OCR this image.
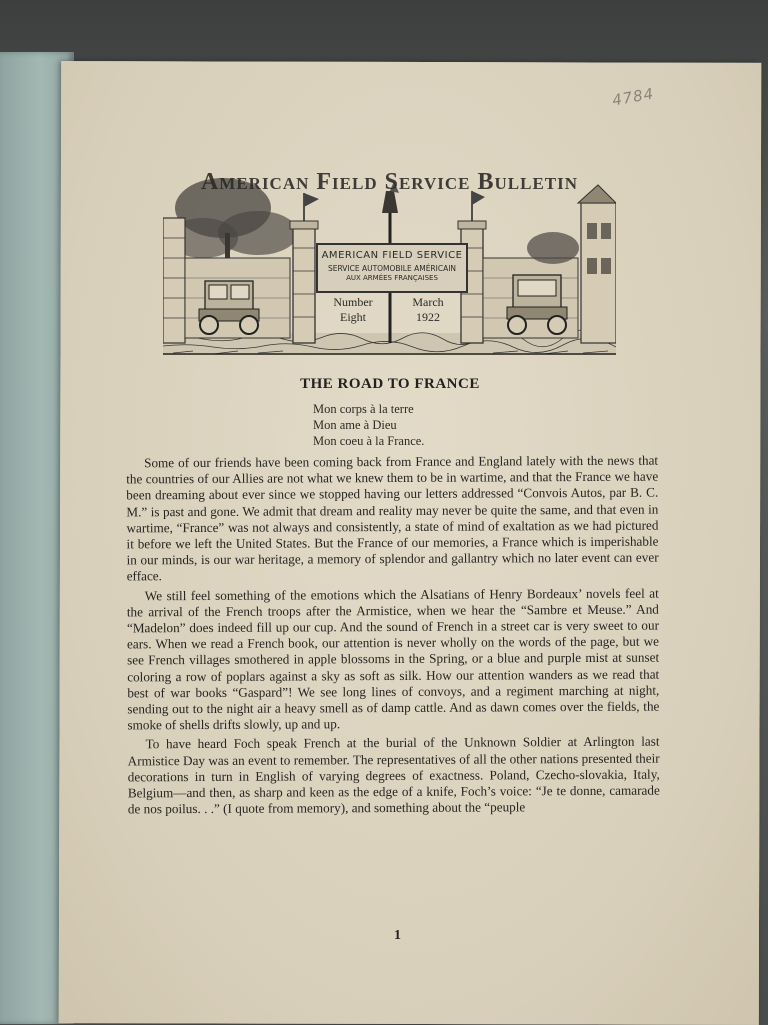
4784
American Field Service Bulletin
AMERICAN FIELD SERVICE
SERVICE AUTOMOBILE AMÉRICAIN
AUX ARMÉES FRANÇAISES
Number
Eight
March
1922
THE ROAD TO FRANCE
Mon corps à la terre
Mon ame à Dieu
Mon coeu à la France.

Some of our friends have been coming back from France and England lately with the news that the countries of our Allies are not what we knew them to be in wartime, and that the France we have been dreaming about ever since we stopped having our letters addressed “Convois Autos, par B. C. M.” is past and gone. We admit that dream and reality may never be quite the same, and that even in wartime, “France” was not always and consistently, a state of mind of exaltation as we had pictured it before we left the United States. But the France of our memories, a France which is imperishable in our minds, is our war heritage, a memory of splendor and gallantry which no later event can ever efface.

We still feel something of the emotions which the Alsatians of Henry Bordeaux’ novels feel at the arrival of the French troops after the Armistice, when we hear the “Sambre et Meuse.” And “Madelon” does indeed fill up our cup. And the sound of French in a street car is very sweet to our ears. When we read a French book, our attention is never wholly on the words of the page, but we see French villages smothered in apple blossoms in the Spring, or a blue and purple mist at sunset coloring a row of poplars against a sky as soft as silk. How our attention wanders as we read that best of war books “Gaspard”! We see long lines of convoys, and a regiment marching at night, sending out to the night air a heavy smell as of damp cattle. And as dawn comes over the fields, the smoke of shells drifts slowly, up and up.

To have heard Foch speak French at the burial of the Unknown Soldier at Arlington last Armistice Day was an event to remember. The representatives of all the other nations presented their decorations in turn in English of varying degrees of exactness. Poland, Czecho-slovakia, Italy, Belgium—and then, as sharp and keen as the edge of a knife, Foch’s voice: “Je te donne, camarade de nos poilus. . .” (I quote from memory), and something about the “peuple

1
